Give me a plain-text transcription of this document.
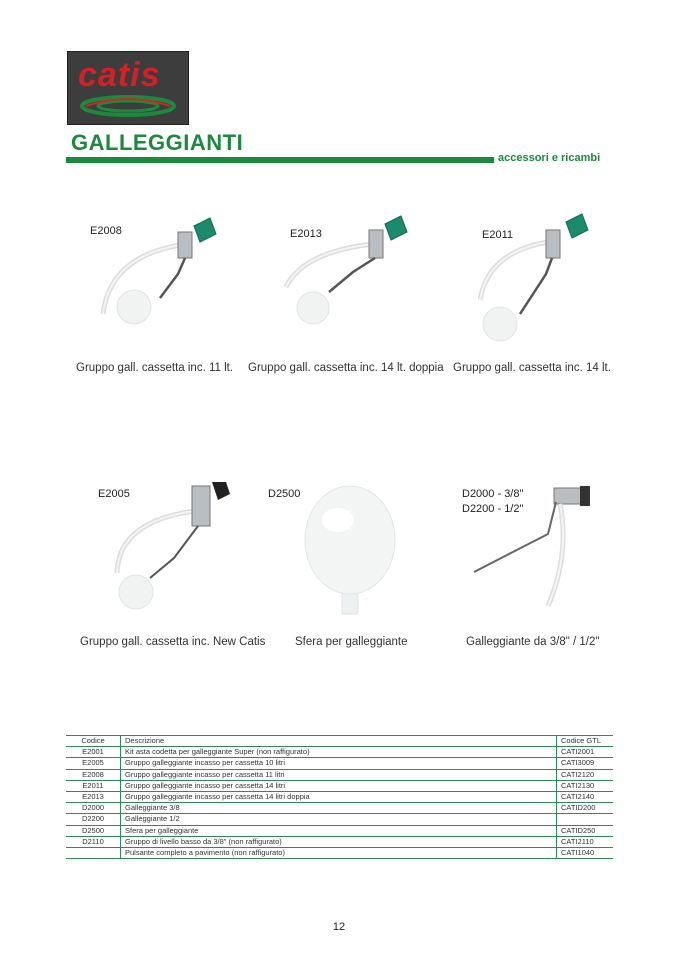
catis
GALLEGGIANTI
accessori e ricambi
E2008
Gruppo gall. cassetta inc. 11 lt.
E2013
Gruppo gall. cassetta inc. 14 lt. doppia
E2011
Gruppo gall. cassetta inc. 14 lt.
E2005
Gruppo gall. cassetta inc. New Catis
D2500
Sfera per galleggiante
D2000 - 3/8"
D2200 - 1/2"
Galleggiante da 3/8" / 1/2"
Codice	Descrizione	Codice GTL
E2001	Kit asta codetta per galleggiante Super (non raffigurato)	CATI2001
E2005	Gruppo galleggiante incasso per cassetta 10 litri	CATI3009
E2008	Gruppo galleggiante incasso per cassetta 11 litri	CATI2120
E2011	Gruppo galleggiante incasso per cassetta 14 litri	CATI2130
E2013	Gruppo galleggiante incasso per cassetta 14 litri doppia	CATI2140
D2000	Galleggiante 3/8	CATID200
D2200	Galleggiante 1/2	
D2500	Sfera per galleggiante	CATID250
D2110	Gruppo di livello basso da 3/8" (non raffigurato)	CATI2110
	Pulsante completo a pavimento (non raffigurato)	CATI1040
12
